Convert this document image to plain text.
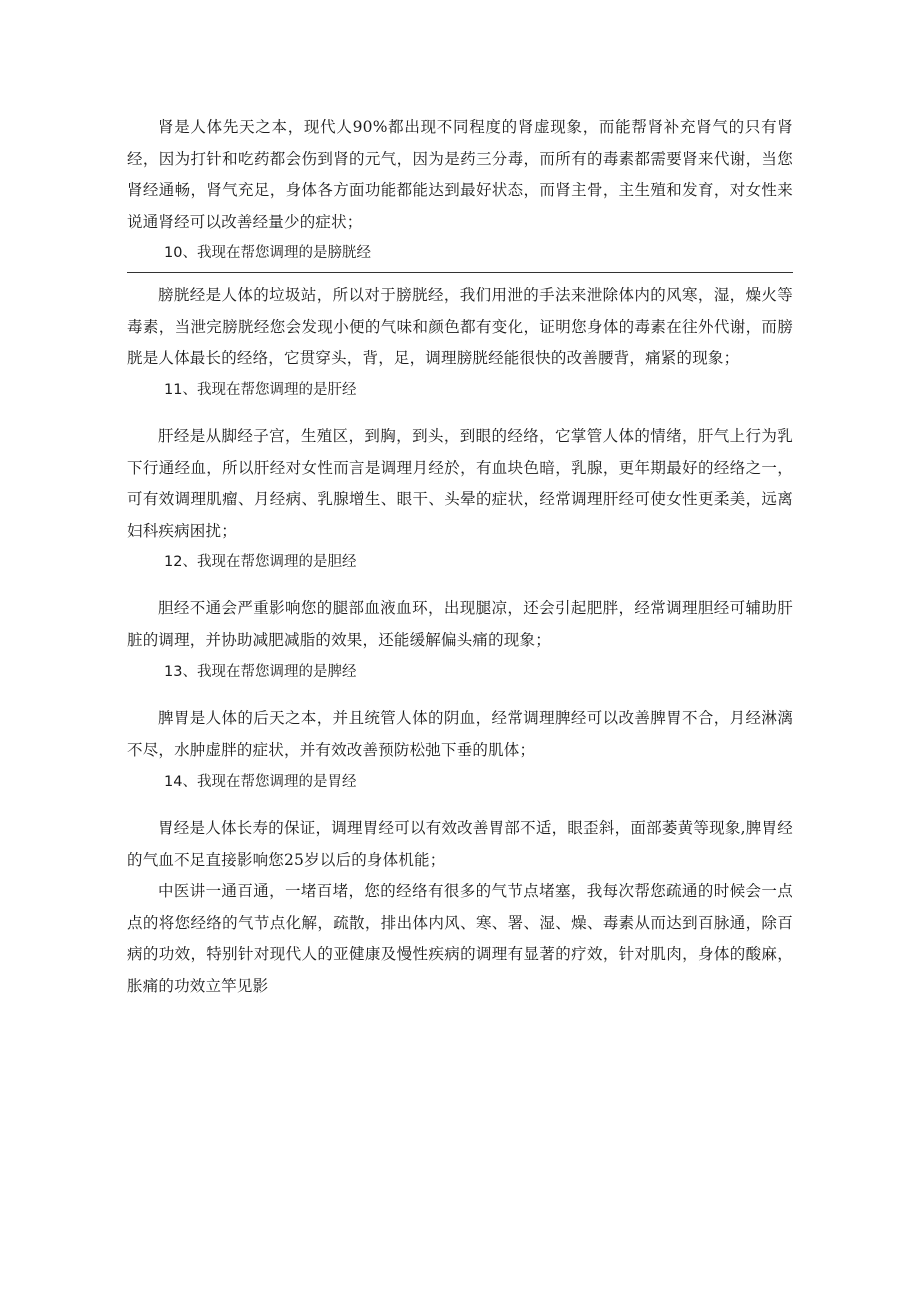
肾是人体先天之本，现代人90%都出现不同程度的肾虚现象，而能帮肾补充肾气的只有肾经，因为打针和吃药都会伤到肾的元气，因为是药三分毒，而所有的毒素都需要肾来代谢，当您肾经通畅，肾气充足，身体各方面功能都能达到最好状态，而肾主骨，主生殖和发育，对女性来说通肾经可以改善经量少的症状；

10、我现在帮您调理的是膀胱经

膀胱经是人体的垃圾站，所以对于膀胱经，我们用泄的手法来泄除体内的风寒，湿，燥火等毒素，当泄完膀胱经您会发现小便的气味和颜色都有变化，证明您身体的毒素在往外代谢，而膀胱是人体最长的经络，它贯穿头，背，足，调理膀胱经能很快的改善腰背，痛紧的现象；

11、我现在帮您调理的是肝经

肝经是从脚经子宫，生殖区，到胸，到头，到眼的经络，它掌管人体的情绪，肝气上行为乳下行通经血，所以肝经对女性而言是调理月经於，有血块色暗，乳腺，更年期最好的经络之一，可有效调理肌瘤、月经病、乳腺增生、眼干、头晕的症状，经常调理肝经可使女性更柔美，远离妇科疾病困扰；

12、我现在帮您调理的是胆经

胆经不通会严重影响您的腿部血液血环，出现腿凉，还会引起肥胖，经常调理胆经可辅助肝脏的调理，并协助减肥减脂的效果，还能缓解偏头痛的现象；

13、我现在帮您调理的是脾经

脾胃是人体的后天之本，并且统管人体的阴血，经常调理脾经可以改善脾胃不合，月经淋漓不尽，水肿虚胖的症状，并有效改善预防松弛下垂的肌体；

14、我现在帮您调理的是胃经

胃经是人体长寿的保证，调理胃经可以有效改善胃部不适，眼歪斜，面部萎黄等现象,脾胃经的气血不足直接影响您25岁以后的身体机能；

中医讲一通百通，一堵百堵，您的经络有很多的气节点堵塞，我每次帮您疏通的时候会一点点的将您经络的气节点化解，疏散，排出体内风、寒、署、湿、燥、毒素从而达到百脉通，除百病的功效，特别针对现代人的亚健康及慢性疾病的调理有显著的疗效，针对肌肉，身体的酸麻，胀痛的功效立竿见影
